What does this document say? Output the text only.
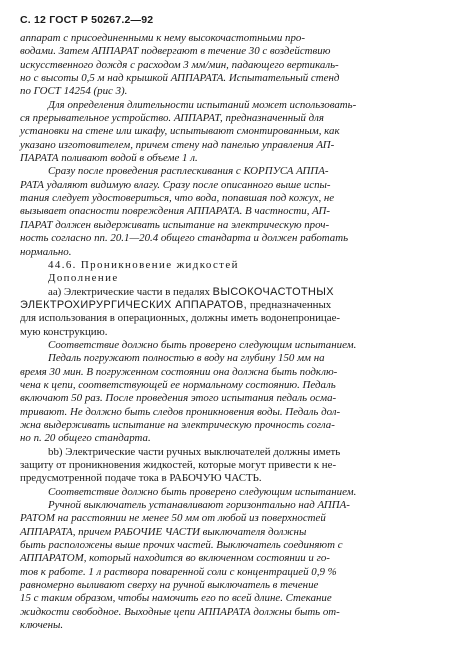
С. 12 ГОСТ Р 50267.2—92

аппарат с присоединенными к нему высокочастотными про-
водами. Затем АППАРАТ подвергают в течение 30 с воздействию
искусственного дождя с расходом 3 мм/мин, падающего вертикаль-
но с высоты 0,5 м над крышкой АППАРАТА. Испытательный стенд
по ГОСТ 14254 (рис 3).

Для определения длительности испытаний может использовать-
ся прерывательное устройство. АППАРАТ, предназначенный для
установки на стене или шкафу, испытывают смонтированным, как
указано изготовителем, причем стену над панелью управления АП-
ПАРАТА поливают водой в объеме 1 л.

Сразу после проведения расплескивания с КОРПУСА АППА-
РАТА удаляют видимую влагу. Сразу после описанного выше испы-
тания следует удостовериться, что вода, попавшая под кожух, не
вызывает опасности повреждения АППАРАТА. В частности, АП-
ПАРАТ должен выдерживать испытание на электрическую проч-
ность согласно пп. 20.1—20.4 общего стандарта и должен работать
нормально.

44.6. Проникновение жидкостей

Дополнение

аа) Электрические части в педалях ВЫСОКОЧАСТОТНЫХ
ЭЛЕКТРОХИРУРГИЧЕСКИХ АППАРАТОВ, предназначенных
для использования в операционных, должны иметь водонепроницае-
мую конструкцию.

Соответствие должно быть проверено следующим испытанием.

Педаль погружают полностью в воду на глубину 150 мм на
время 30 мин. В погруженном состоянии она должна быть подклю-
чена к цепи, соответствующей ее нормальному состоянию. Педаль
включают 50 раз. После проведения этого испытания педаль осма-
тривают. Не должно быть следов проникновения воды. Педаль дол-
жна выдерживать испытание на электрическую прочность согла-
но п. 20 общего стандарта.

bb) Электрические части ручных выключателей должны иметь
защиту от проникновения жидкостей, которые могут привести к не-
предусмотренной подаче тока в РАБОЧУЮ ЧАСТЬ.

Соответствие должно быть проверено следующим испытанием.

Ручной выключатель устанавливают горизонтально над АППА-
РАТОМ на расстоянии не менее 50 мм от любой из поверхностей
АППАРАТА, причем РАБОЧИЕ ЧАСТИ выключателя должны
быть расположены выше прочих частей. Выключатель соединяют с
АППАРАТОМ, который находится во включенном состоянии и го-
тов к работе. 1 л раствора поваренной соли с концентрацией 0,9 %
равномерно выливают сверху на ручной выключатель в течение
15 с таким образом, чтобы намочить его по всей длине. Стекание
жидкости свободное. Выходные цепи АППАРАТА должны быть от-
ключены.
